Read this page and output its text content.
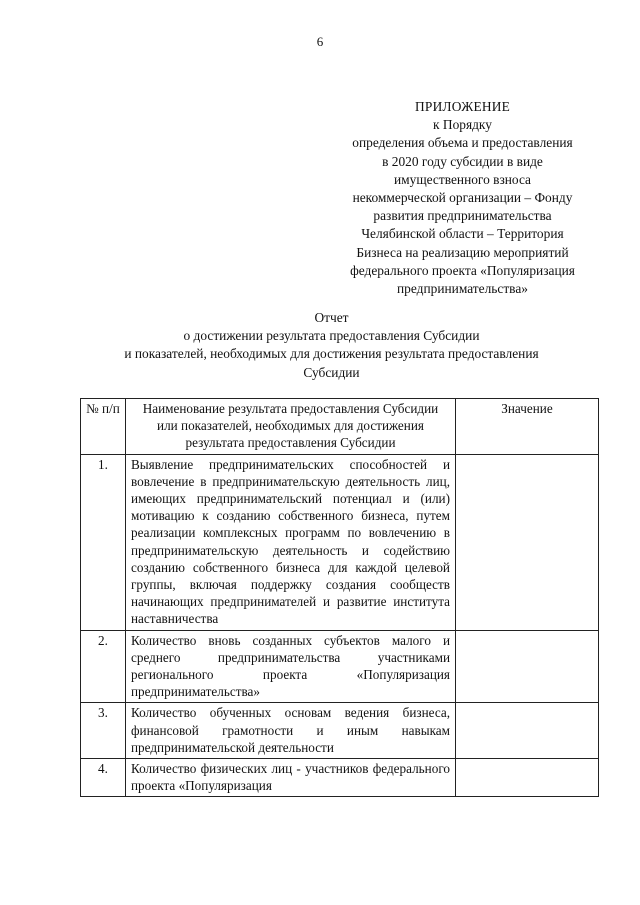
6
ПРИЛОЖЕНИЕ
к Порядку
определения объема и предоставления
в 2020 году субсидии в виде
имущественного взноса
некоммерческой организации – Фонду
развития предпринимательства
Челябинской области – Территория
Бизнеса на реализацию мероприятий
федерального проекта «Популяризация
предпринимательства»
Отчет
о достижении результата предоставления Субсидии
и показателей, необходимых для достижения результата предоставления
Субсидии
№ п/п	Наименование результата предоставления Субсидии или показателей, необходимых для достижения результата предоставления Субсидии	Значение
1.	Выявление предпринимательских способностей и вовлечение в предпринимательскую деятельность лиц, имеющих предпринимательский потенциал и (или) мотивацию к созданию собственного бизнеса, путем реализации комплексных программ по вовлечению в предпринимательскую деятельность и содействию созданию собственного бизнеса для каждой целевой группы, включая поддержку создания сообществ начинающих предпринимателей и развитие института наставничества	
2.	Количество вновь созданных субъектов малого и среднего предпринимательства участниками регионального проекта «Популяризация предпринимательства»	
3.	Количество обученных основам ведения бизнеса, финансовой грамотности и иным навыкам предпринимательской деятельности	
4.	Количество физических лиц - участников федерального проекта «Популяризация	
